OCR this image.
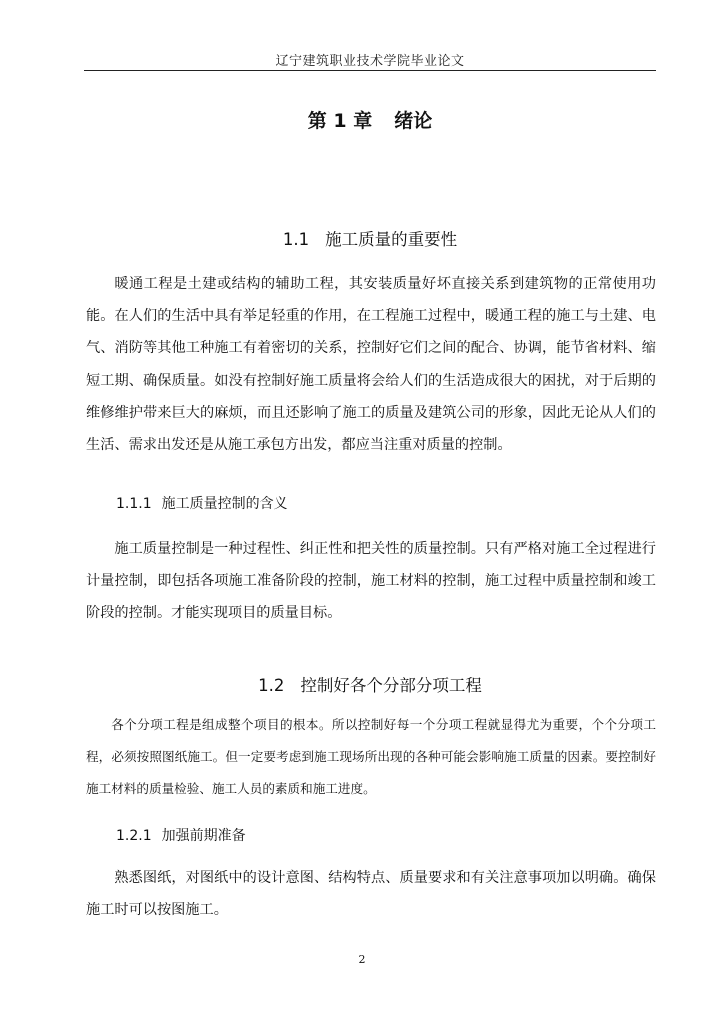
辽宁建筑职业技术学院毕业论文
第 1 章 绪论
1.1 施工质量的重要性

暖通工程是土建或结构的辅助工程，其安装质量好坏直接关系到建筑物的正常使用功能。在人们的生活中具有举足轻重的作用，在工程施工过程中，暖通工程的施工与土建、电气、消防等其他工种施工有着密切的关系，控制好它们之间的配合、协调，能节省材料、缩短工期、确保质量。如没有控制好施工质量将会给人们的生活造成很大的困扰，对于后期的维修维护带来巨大的麻烦，而且还影响了施工的质量及建筑公司的形象，因此无论从人们的生活、需求出发还是从施工承包方出发，都应当注重对质量的控制。

1.1.1 施工质量控制的含义

施工质量控制是一种过程性、纠正性和把关性的质量控制。只有严格对施工全过程进行计量控制，即包括各项施工准备阶段的控制，施工材料的控制，施工过程中质量控制和竣工阶段的控制。才能实现项目的质量目标。

1.2 控制好各个分部分项工程

各个分项工程是组成整个项目的根本。所以控制好每一个分项工程就显得尤为重要，个个分项工程，必须按照图纸施工。但一定要考虑到施工现场所出现的各种可能会影响施工质量的因素。要控制好施工材料的质量检验、施工人员的素质和施工进度。

1.2.1 加强前期准备

熟悉图纸，对图纸中的设计意图、结构特点、质量要求和有关注意事项加以明确。确保施工时可以按图施工。

2
